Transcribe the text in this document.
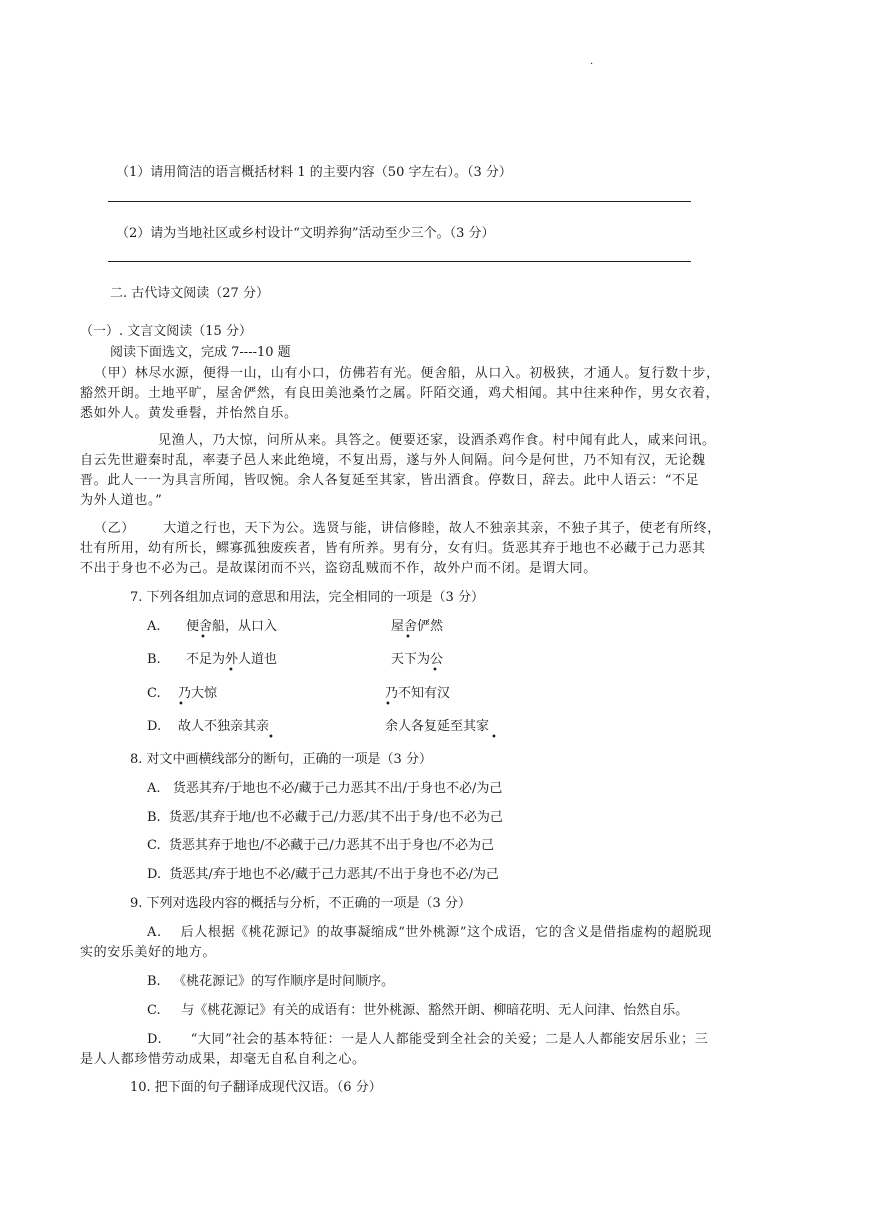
.
（1）请用简洁的语言概括材料 1 的主要内容（50 字左右）。（3 分）
（2）请为当地社区或乡村设计“文明养狗”活动至少三个。（3 分）
二. 古代诗文阅读（27 分）
（一）. 文言文阅读（15 分）
阅读下面选文，完成 7----10 题
（甲）林尽水源，便得一山，山有小口，仿佛若有光。便舍船，从口入。初极狭，才通人。复行数十步，
豁然开朗。土地平旷，屋舍俨然，有良田美池桑竹之属。阡陌交通，鸡犬相闻。其中往来种作，男女衣着，
悉如外人。黄发垂髫，并怡然自乐。
见渔人，乃大惊，问所从来。具答之。便要还家，设酒杀鸡作食。村中闻有此人，咸来问讯。
自云先世避秦时乱，率妻子邑人来此绝境，不复出焉，遂与外人间隔。问今是何世，乃不知有汉，无论魏
晋。此人一一为具言所闻，皆叹惋。余人各复延至其家，皆出酒食。停数日，辞去。此中人语云：“不足
为外人道也。”
（乙）      大道之行也，天下为公。选贤与能，讲信修睦，故人不独亲其亲，不独子其子，使老有所终，
壮有所用，幼有所长，鳏寡孤独废疾者，皆有所养。男有分，女有归。货恶其弃于地也不必藏于己力恶其
不出于身也不必为己。是故谋闭而不兴，盗窃乱贼而不作，故外户而不闭。是谓大同。
7. 下列各组加点词的意思和用法，完全相同的一项是（3 分）
A. 便舍船，从口入	屋舍俨然
B. 不足为外人道也	天下为公
C. 乃大惊	乃不知有汉
D. 故人不独亲其亲	余人各复延至其家
•	•
•	•
•	•
•	•
8. 对文中画横线部分的断句，正确的一项是（3 分）
A.   货恶其弃/于地也不必/藏于己力恶其不出/于身也不必/为己
B.  货恶/其弃于地/也不必藏于己/力恶/其不出于身/也不必为己
C.  货恶其弃于地也/不必藏于己/力恶其不出于身也/不必为己
D.  货恶其/弃于地也不必/藏于己力恶其/不出于身也不必/为己
9. 下列对选段内容的概括与分析，不正确的一项是（3 分）
A.    后人根据《桃花源记》的故事凝缩成“世外桃源”这个成语，它的含义是借指虚构的超脱现
实的安乐美好的地方。
B.   《桃花源记》的写作顺序是时间顺序。
C.     与《桃花源记》有关的成语有：世外桃源、豁然开朗、柳暗花明、无人问津、怡然自乐。
D.      “大同”社会的基本特征：一是人人都能受到全社会的关爱；二是人人都能安居乐业；三
是人人都珍惜劳动成果，却毫无自私自利之心。
10. 把下面的句子翻译成现代汉语。（6 分）
